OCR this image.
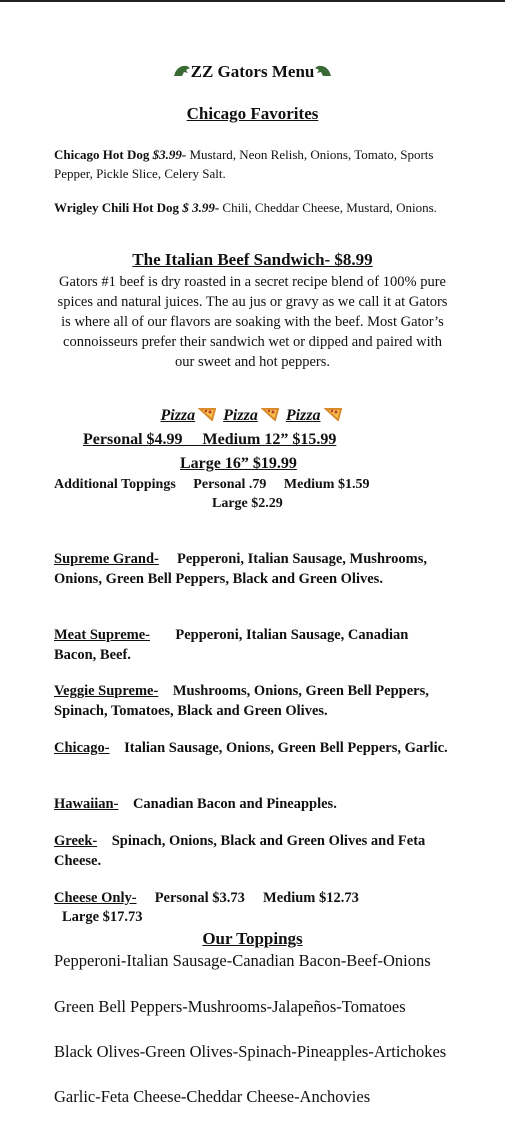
ZZ Gators Menu
Chicago Favorites
Chicago Hot Dog $3.99- Mustard, Neon Relish, Onions, Tomato, Sports Pepper, Pickle Slice, Celery Salt.
Wrigley Chili Hot Dog $ 3.99- Chili, Cheddar Cheese, Mustard, Onions.
The Italian Beef Sandwich- $8.99
Gators #1 beef is dry roasted in a secret recipe blend of 100% pure spices and natural juices. The au jus or gravy as we call it at Gators is where all of our flavors are soaking with the beef. Most Gator’s connoisseurs prefer their sandwich wet or dipped and paired with our sweet and hot peppers.
Pizza Pizza Pizza
Personal $4.99 Medium 12” $15.99
Large 16” $19.99
Additional Toppings Personal .79 Medium $1.59
Large $2.29
Supreme Grand- Pepperoni, Italian Sausage, Mushrooms, Onions, Green Bell Peppers, Black and Green Olives.
Meat Supreme- Pepperoni, Italian Sausage, Canadian Bacon, Beef.
Veggie Supreme- Mushrooms, Onions, Green Bell Peppers, Spinach, Tomatoes, Black and Green Olives.
Chicago- Italian Sausage, Onions, Green Bell Peppers, Garlic.
Hawaiian- Canadian Bacon and Pineapples.
Greek- Spinach, Onions, Black and Green Olives and Feta Cheese.
Cheese Only- Personal $3.73 Medium $12.73
Large $17.73
Our Toppings
Pepperoni-Italian Sausage-Canadian Bacon-Beef-Onions
Green Bell Peppers-Mushrooms-Jalapeños-Tomatoes
Black Olives-Green Olives-Spinach-Pineapples-Artichokes
Garlic-Feta Cheese-Cheddar Cheese-Anchovies
